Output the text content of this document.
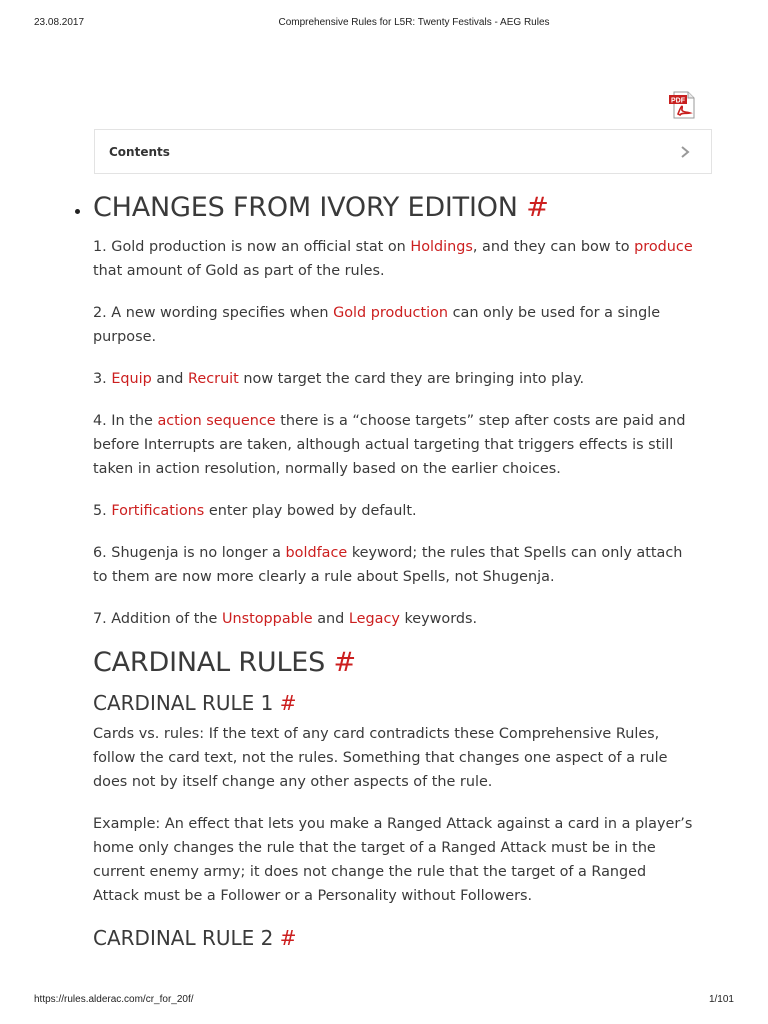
23.08.2017	Comprehensive Rules for L5R: Twenty Festivals - AEG Rules
PDF
Contents
CHANGES FROM IVORY EDITION #

1. Gold production is now an official stat on Holdings, and they can bow to produce that amount of Gold as part of the rules.

2. A new wording specifies when Gold production can only be used for a single purpose.

3. Equip and Recruit now target the card they are bringing into play.

4. In the action sequence there is a “choose targets” step after costs are paid and before Interrupts are taken, although actual targeting that triggers effects is still taken in action resolution, normally based on the earlier choices.

5. Fortifications enter play bowed by default.

6. Shugenja is no longer a boldface keyword; the rules that Spells can only attach to them are now more clearly a rule about Spells, not Shugenja.

7. Addition of the Unstoppable and Legacy keywords.

CARDINAL RULES #
CARDINAL RULE 1 #

Cards vs. rules: If the text of any card contradicts these Comprehensive Rules, follow the card text, not the rules. Something that changes one aspect of a rule does not by itself change any other aspects of the rule.

Example: An effect that lets you make a Ranged Attack against a card in a player’s home only changes the rule that the target of a Ranged Attack must be in the current enemy army; it does not change the rule that the target of a Ranged Attack must be a Follower or a Personality without Followers.

CARDINAL RULE 2 #
https://rules.alderac.com/cr_for_20f/	1/101
